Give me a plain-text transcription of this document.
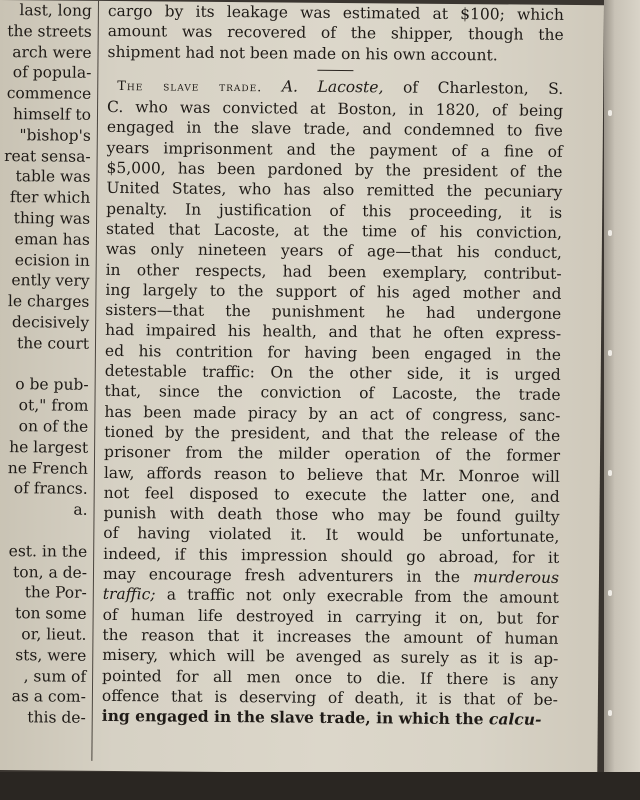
last, long
the streets
arch were
of popula-
commence
himself to
"bishop's
reat sensa-
table was
fter which
thing was
eman has
ecision in
ently very
le charges
decisively
the court
o be pub-
ot," from
on of the
he largest
ne French
of francs.
a.
est. in the
ton, a de-
the Por-
ton some
or, lieut.
sts, were
, sum of
as a com-
this de-
cargo by its leakage was estimated at $100; which
amount was recovered of the shipper, though the
shipment had not been made on his own account.
The slave trade. A. Lacoste, of Charleston, S.
C. who was convicted at Boston, in 1820, of being
engaged in the slave trade, and condemned to five
years imprisonment and the payment of a fine of
$5,000, has been pardoned by the president of the
United States, who has also remitted the pecuniary
penalty. In justification of this proceeding, it is
stated that Lacoste, at the time of his conviction,
was only nineteen years of age—that his conduct,
in other respects, had been exemplary, contribut-
ing largely to the support of his aged mother and
sisters—that the punishment he had undergone
had impaired his health, and that he often express-
ed his contrition for having been engaged in the
detestable traffic: On the other side, it is urged
that, since the conviction of Lacoste, the trade
has been made piracy by an act of congress, sanc-
tioned by the president, and that the release of the
prisoner from the milder operation of the former
law, affords reason to believe that Mr. Monroe will
not feel disposed to execute the latter one, and
punish with death those who may be found guilty
of having violated it. It would be unfortunate,
indeed, if this impression should go abroad, for it
may encourage fresh adventurers in the murderous
traffic; a traffic not only execrable from the amount
of human life destroyed in carrying it on, but for
the reason that it increases the amount of human
misery, which will be avenged as surely as it is ap-
pointed for all men once to die. If there is any
offence that is deserving of death, it is that of be-
ing engaged in the slave trade, in which the calcu-
